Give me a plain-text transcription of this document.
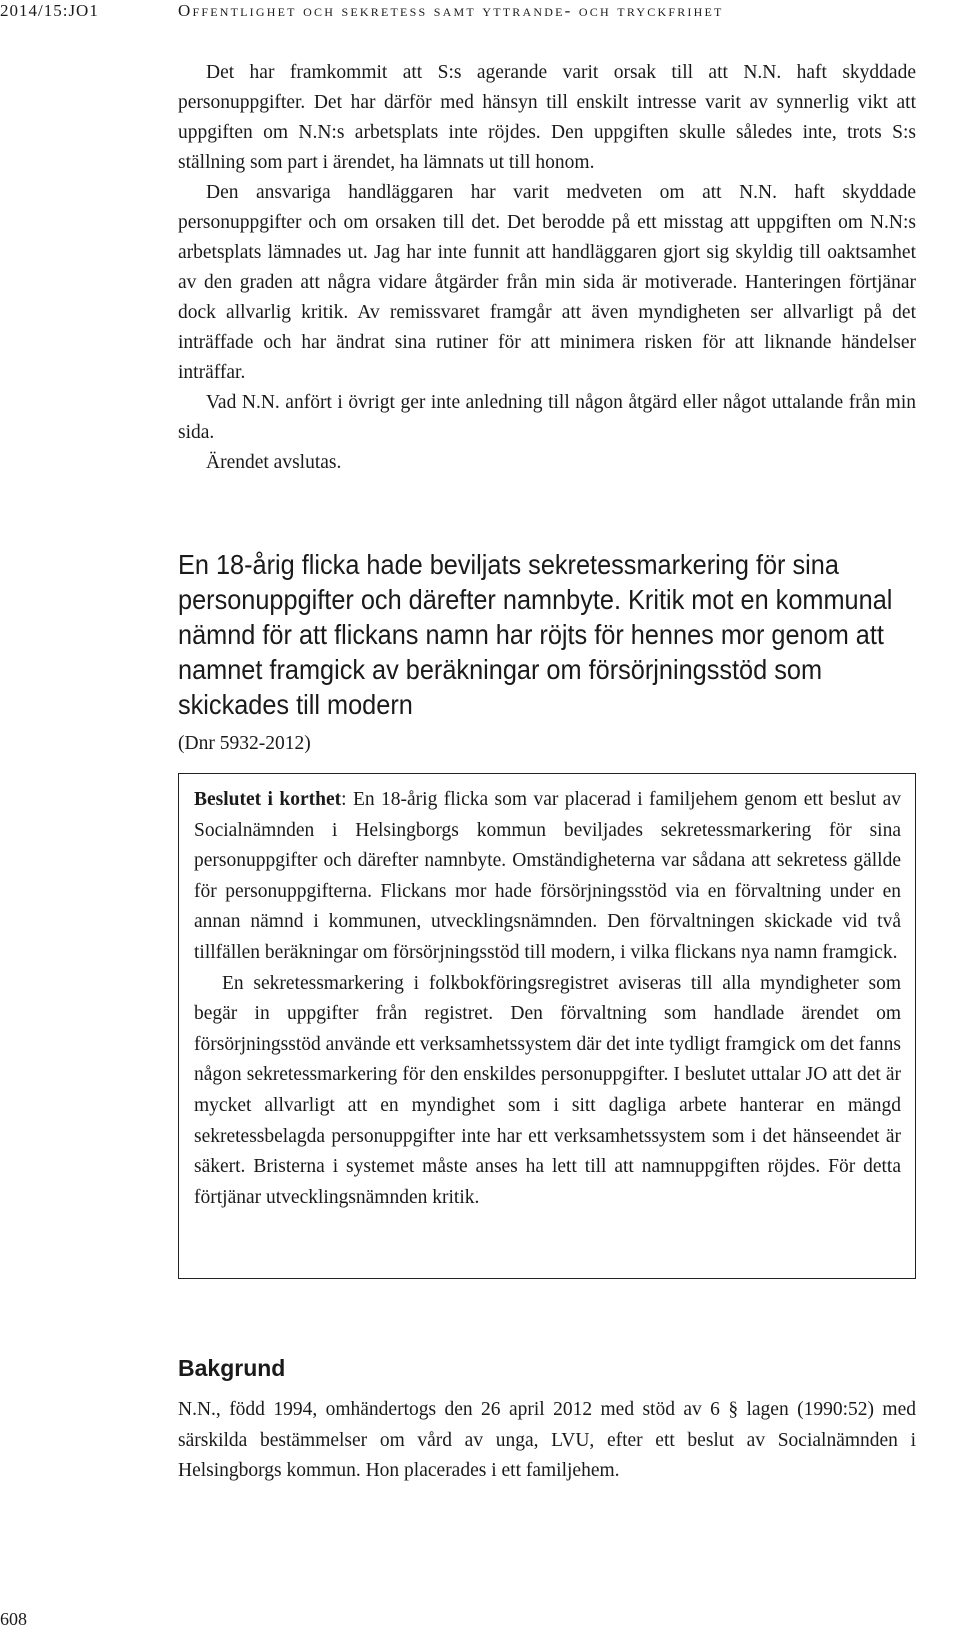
2014/15:JO1	Offentlighet och sekretess samt yttrande- och tryckfrihet

Det har framkommit att S:s agerande varit orsak till att N.N. haft skyddade personuppgifter. Det har därför med hänsyn till enskilt intresse varit av synnerlig vikt att uppgiften om N.N:s arbetsplats inte röjdes. Den uppgiften skulle således inte, trots S:s ställning som part i ärendet, ha lämnats ut till honom.

Den ansvariga handläggaren har varit medveten om att N.N. haft skyddade personuppgifter och om orsaken till det. Det berodde på ett misstag att uppgiften om N.N:s arbetsplats lämnades ut. Jag har inte funnit att handläggaren gjort sig skyldig till oaktsamhet av den graden att några vidare åtgärder från min sida är motiverade. Hanteringen förtjänar dock allvarlig kritik. Av remissvaret framgår att även myndigheten ser allvarligt på det inträffade och har ändrat sina rutiner för att minimera risken för att liknande händelser inträffar.

Vad N.N. anfört i övrigt ger inte anledning till någon åtgärd eller något uttalande från min sida.

Ärendet avslutas.

En 18-årig flicka hade beviljats sekretessmarkering för sina personuppgifter och därefter namnbyte. Kritik mot en kommunal nämnd för att flickans namn har röjts för hennes mor genom att namnet framgick av beräkningar om försörjningsstöd som skickades till modern
(Dnr 5932-2012)

Beslutet i korthet: En 18-årig flicka som var placerad i familjehem genom ett beslut av Socialnämnden i Helsingborgs kommun beviljades sekretessmarkering för sina personuppgifter och därefter namnbyte. Omständigheterna var sådana att sekretess gällde för personuppgifterna. Flickans mor hade försörjningsstöd via en förvaltning under en annan nämnd i kommunen, utvecklingsnämnden. Den förvaltningen skickade vid två tillfällen beräkningar om försörjningsstöd till modern, i vilka flickans nya namn framgick.

En sekretessmarkering i folkbokföringsregistret aviseras till alla myndigheter som begär in uppgifter från registret. Den förvaltning som handlade ärendet om försörjningsstöd använde ett verksamhetssystem där det inte tydligt framgick om det fanns någon sekretessmarkering för den enskildes personuppgifter. I beslutet uttalar JO att det är mycket allvarligt att en myndighet som i sitt dagliga arbete hanterar en mängd sekretessbelagda personuppgifter inte har ett verksamhetssystem som i det hänseendet är säkert. Bristerna i systemet måste anses ha lett till att namnuppgiften röjdes. För detta förtjänar utvecklingsnämnden kritik.

Bakgrund

N.N., född 1994, omhändertogs den 26 april 2012 med stöd av 6 § lagen (1990:52) med särskilda bestämmelser om vård av unga, LVU, efter ett beslut av Socialnämnden i Helsingborgs kommun. Hon placerades i ett familjehem.

608
